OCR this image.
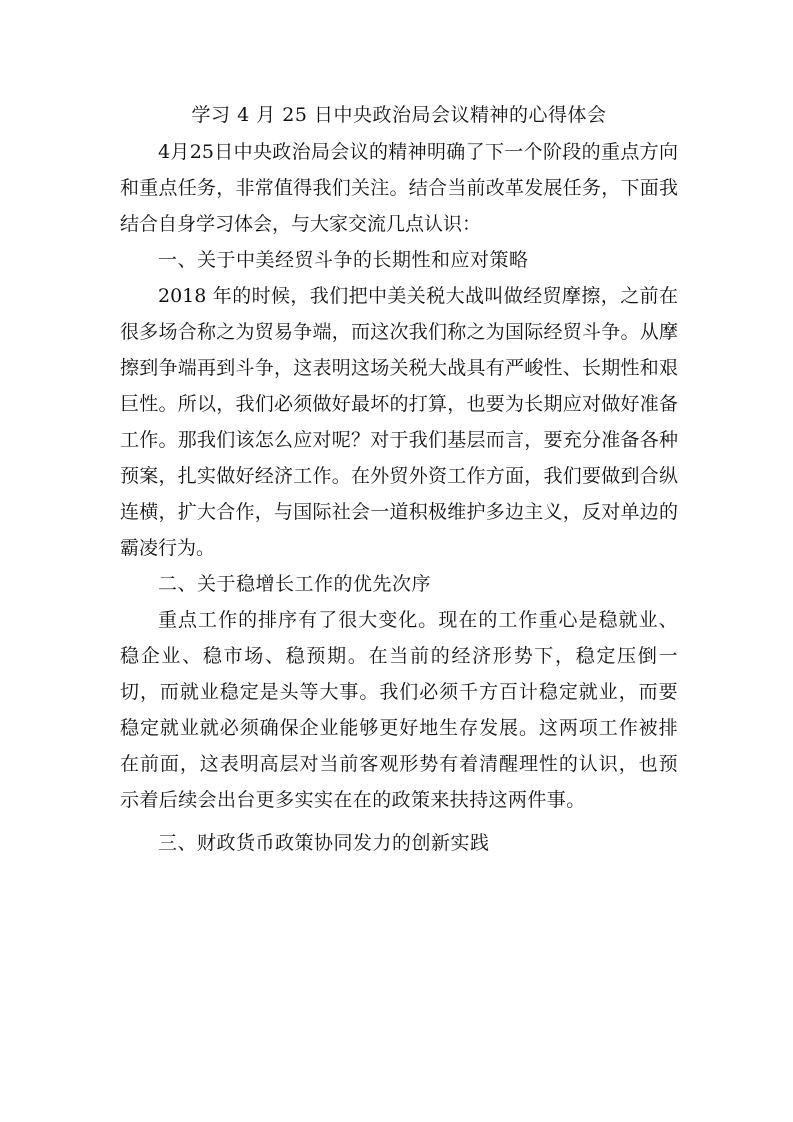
学习 4 月 25 日中央政治局会议精神的心得体会

4月25日中央政治局会议的精神明确了下一个阶段的重点方向和重点任务，非常值得我们关注。结合当前改革发展任务，下面我结合自身学习体会，与大家交流几点认识：

一、关于中美经贸斗争的长期性和应对策略

2018 年的时候，我们把中美关税大战叫做经贸摩擦，之前在很多场合称之为贸易争端，而这次我们称之为国际经贸斗争。从摩擦到争端再到斗争，这表明这场关税大战具有严峻性、长期性和艰巨性。所以，我们必须做好最坏的打算，也要为长期应对做好准备工作。那我们该怎么应对呢？对于我们基层而言，要充分准备各种预案，扎实做好经济工作。在外贸外资工作方面，我们要做到合纵连横，扩大合作，与国际社会一道积极维护多边主义，反对单边的霸凌行为。

二、关于稳增长工作的优先次序

重点工作的排序有了很大变化。现在的工作重心是稳就业、稳企业、稳市场、稳预期。在当前的经济形势下，稳定压倒一切，而就业稳定是头等大事。我们必须千方百计稳定就业，而要稳定就业就必须确保企业能够更好地生存发展。这两项工作被排在前面，这表明高层对当前客观形势有着清醒理性的认识，也预示着后续会出台更多实实在在的政策来扶持这两件事。

三、财政货币政策协同发力的创新实践
